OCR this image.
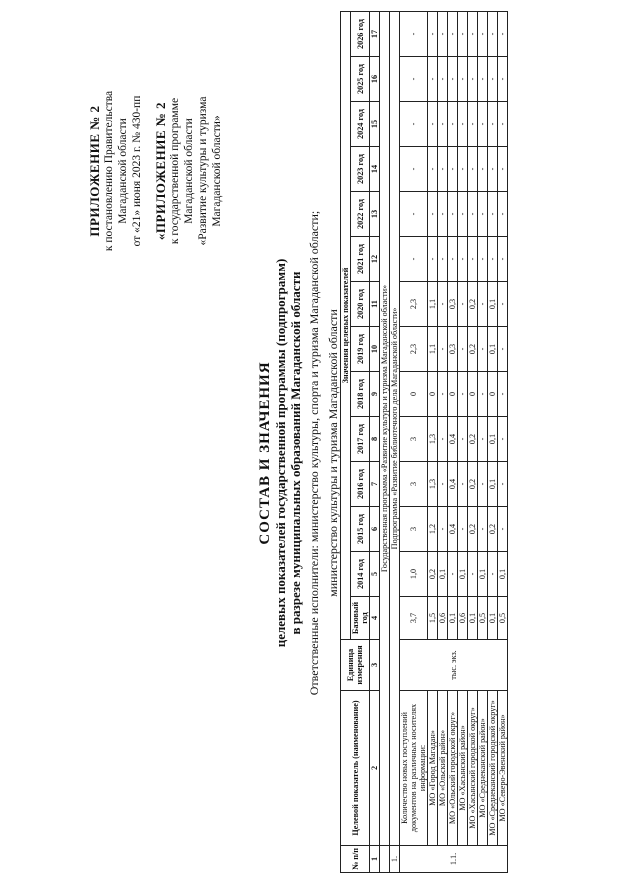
ПРИЛОЖЕНИЕ № 2 к постановлению Правительства Магаданской области от «21» июня 2023 г. № 430-пп «ПРИЛОЖЕНИЕ № 2 к государственной программе Магаданской области «Развитие культуры и туризма Магаданской области»

СОСТАВ И ЗНАЧЕНИЯ целевых показателей государственной программы (подпрограмм) в разрезе муниципальных образований Магаданской области Ответственные исполнители: министерство культуры, спорта и туризма Магаданской области; министерство культуры и туризма Магаданской области
№ п/п	Целевой показатель (наименование)	Единица измерения	Значения целевых показателей													
			Базовый год	2014 год	2015 год	2016 год	2017 год	2018 год	2019 год	2020 год	2021 год	2022 год	2023 год	2024 год	2025 год	2026 год
1	2	3	4	5	6	7	8	9	10	11	12	13	14	15	16	17
	Государственная программа «Развитие культуры и туризма Магаданской области»															
1.	Подпрограмма «Развитие библиотечного дела Магаданской области»															
1.1.	Количество новых поступлений документов на различных носителях информации:	тыс. экз.	3,7	1,0	3	3	3	0	2,3	2,3	-	-	-	-	-	-
	МО «Город Магадан»		1,5	0,2	1,2	1,3	1,3	0	1,1	1,1	-	-	-	-	-	-
	МО «Ольский район»		0,6	0,1	-	-	-	-	-	-	-	-	-	-	-	-
	МО «Ольский городской округ»		0,1	-	0,4	0,4	0,4	0	0,3	0,3	-	-	-	-	-	-
	МО «Хасынский район»		0,6	0,1	-	-	-	-	-	-	-	-	-	-	-	-
	МО «Хасынский городской округ»		0,1	-	0,2	0,2	0,2	0	0,2	0,2	-	-	-	-	-	-
	МО «Среднеканский район»		0,5	0,1	-	-	-	-	-	-	-	-	-	-	-	-
	МО «Среднеканский городской округ»		0,1	-	0,2	0,1	0,1	0	0,1	0,1	-	-	-	-	-	-
	МО «Северо-Эвенский район»		0,5	0,1	-	-	-	-	-	-	-	-	-	-	-	-
